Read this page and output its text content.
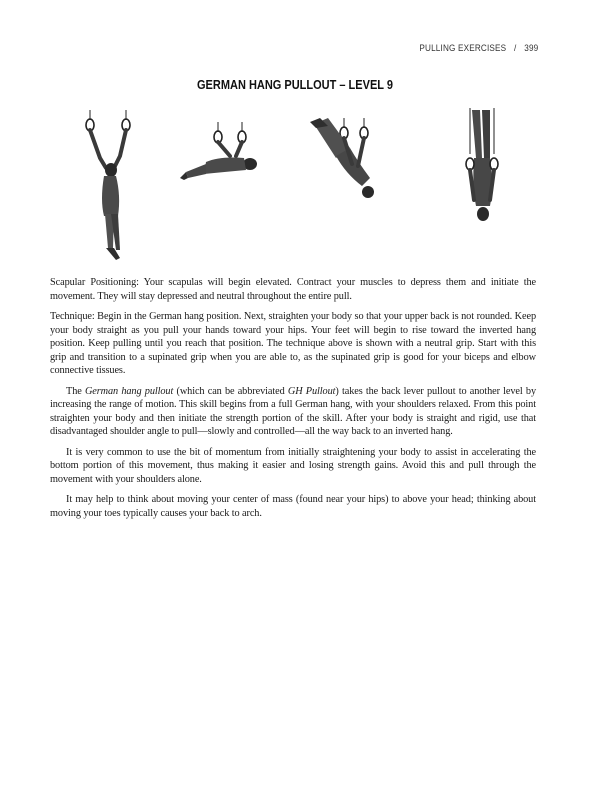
PULLING EXERCISES / 399
GERMAN HANG PULLOUT – LEVEL 9

Scapular Positioning: Your scapulas will begin elevated. Contract your muscles to depress them and initiate the movement. They will stay depressed and neutral throughout the entire pull.

Technique: Begin in the German hang position. Next, straighten your body so that your upper back is not rounded. Keep your body straight as you pull your hands toward your hips. Your feet will begin to rise toward the inverted hang position. Keep pulling until you reach that position. The technique above is shown with a neutral grip. Start with this grip and transition to a supinated grip when you are able to, as the supinated grip is good for your biceps and elbow connective tissues.

The German hang pullout (which can be abbreviated GH Pullout) takes the back lever pullout to another level by increasing the range of motion. This skill begins from a full German hang, with your shoulders relaxed. From this point straighten your body and then initiate the strength portion of the skill. After your body is straight and rigid, use that disadvantaged shoulder angle to pull—slowly and controlled—all the way back to an inverted hang.

It is very common to use the bit of momentum from initially straightening your body to assist in accelerating the bottom portion of this movement, thus making it easier and losing strength gains. Avoid this and pull through the movement with your shoulders alone.

It may help to think about moving your center of mass (found near your hips) to above your head; thinking about moving your toes typically causes your back to arch.
